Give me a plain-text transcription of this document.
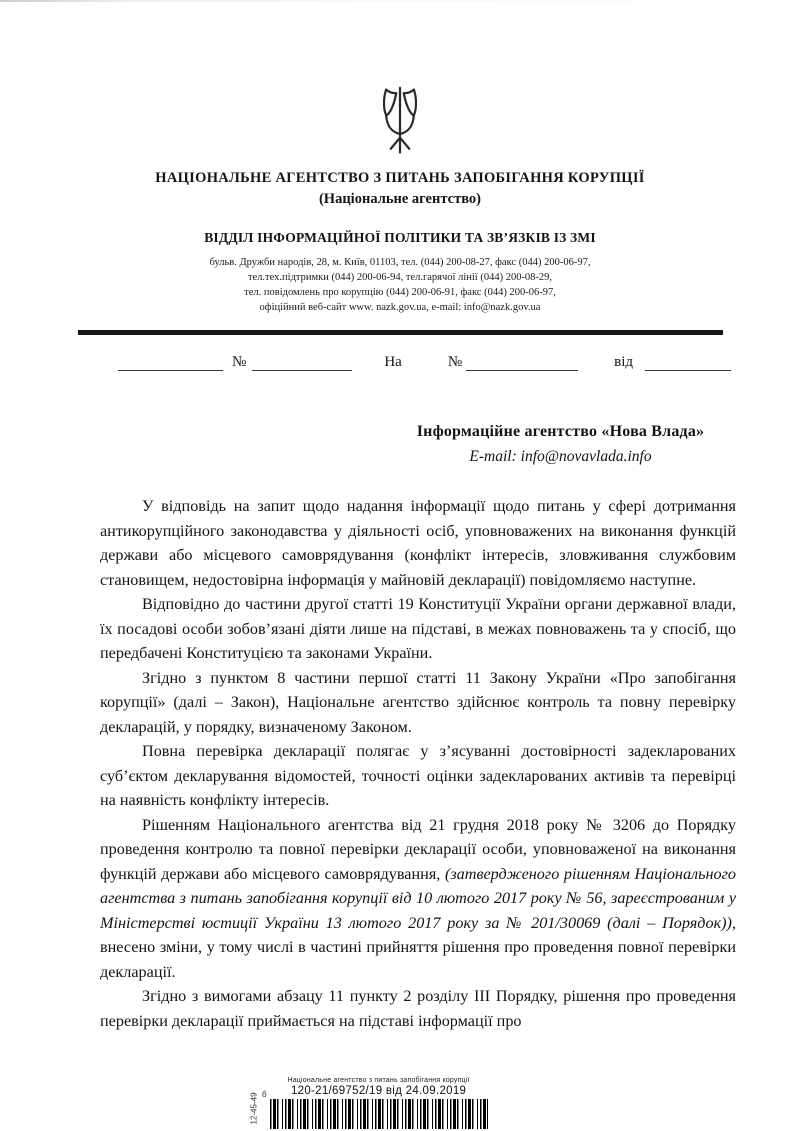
НАЦІОНАЛЬНЕ АГЕНТСТВО З ПИТАНЬ ЗАПОБІГАННЯ КОРУПЦІЇ
(Національне агентство)
ВІДДІЛ ІНФОРМАЦІЙНОЇ ПОЛІТИКИ ТА ЗВ’ЯЗКІВ ІЗ ЗМІ
бульв. Дружби народів, 28, м. Київ, 01103, тел. (044) 200-08-27, факс (044) 200-06-97,
тел.тех.підтримки (044) 200-06-94, тел.гарячої лінії (044) 200-08-29,
тел. повідомлень про корупцію (044) 200-06-91, факс (044) 200-06-97,
офіційний веб-сайт www. nazk.gov.ua, e-mail: info@nazk.gov.ua
№	На	№	від
Інформаційне агентство «Нова Влада»
E-mail: info@novavlada.info

У відповідь на запит щодо надання інформації щодо питань у сфері дотримання антикорупційного законодавства у діяльності осіб, уповноважених на виконання функцій держави або місцевого самоврядування (конфлікт інтересів, зловживання службовим становищем, недостовірна інформація у майновій декларації) повідомляємо наступне.

Відповідно до частини другої статті 19 Конституції України органи державної влади, їх посадові особи зобов’язані діяти лише на підставі, в межах повноважень та у спосіб, що передбачені Конституцією та законами України.

Згідно з пунктом 8 частини першої статті 11 Закону України «Про запобігання корупції» (далі – Закон), Національне агентство здійснює контроль та повну перевірку декларацій, у порядку, визначеному Законом.

Повна перевірка декларації полягає у з’ясуванні достовірності задекларованих суб’єктом декларування відомостей, точності оцінки задекларованих активів та перевірці на наявність конфлікту інтересів.

Рішенням Національного агентства від 21 грудня 2018 року № 3206 до Порядку проведення контролю та повної перевірки декларації особи, уповноваженої на виконання функцій держави або місцевого самоврядування, (затвердженого рішенням Національного агентства з питань запобігання корупції від 10 лютого 2017 року № 56, зареєстрованим у Міністерстві юстиції України 13 лютого 2017 року за № 201/30069 (далі – Порядок)), внесено зміни, у тому числі в частині прийняття рішення про проведення повної перевірки декларації.

Згідно з вимогами абзацу 11 пункту 2 розділу ІІІ Порядку, рішення про проведення перевірки декларації приймається на підставі інформації про

12-45-49 б
Національне агентство з питань запобігання корупції
120-21/69752/19 від 24.09.2019
